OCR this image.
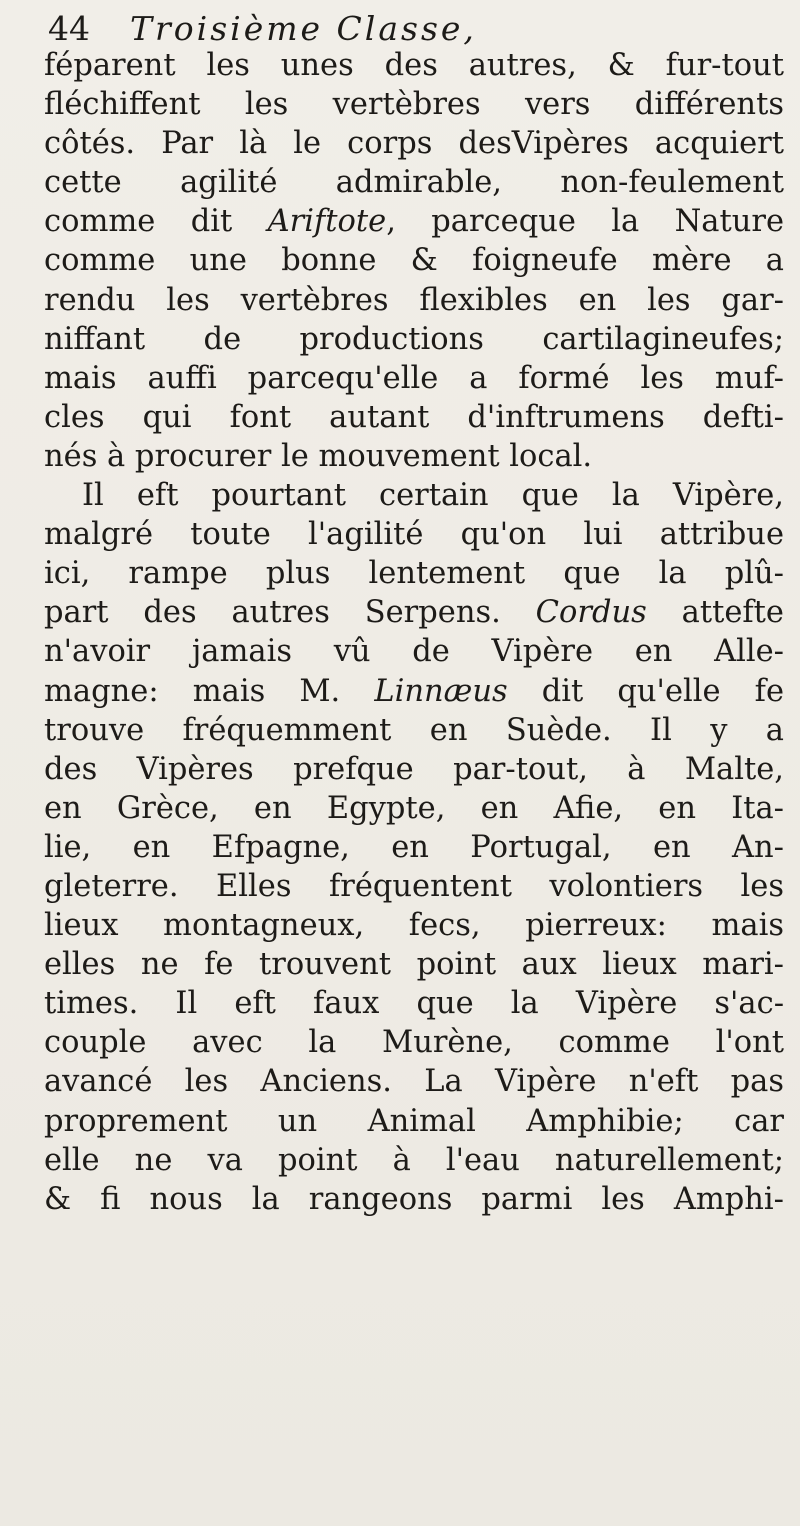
44 Troisième Classe,
féparent les unes des autres, & fur-tout
fléchiffent les vertèbres vers différents
côtés. Par là le corps desVipères acquiert
cette agilité admirable, non-feulement
comme dit Ariftote, parceque la Nature
comme une bonne & foigneufe mère a
rendu les vertèbres flexibles en les gar-
niffant de productions cartilagineufes;
mais auffi parcequ'elle a formé les muf-
cles qui font autant d'inftrumens defti-
nés à procurer le mouvement local.
Il eft pourtant certain que la Vipère,
malgré toute l'agilité qu'on lui attribue
ici, rampe plus lentement que la plû-
part des autres Serpens. Cordus attefte
n'avoir jamais vû de Vipère en Alle-
magne: mais M. Linnæus dit qu'elle fe
trouve fréquemment en Suède. Il y a
des Vipères prefque par-tout, à Malte,
en Grèce, en Egypte, en Afie, en Ita-
lie, en Efpagne, en Portugal, en An-
gleterre. Elles fréquentent volontiers les
lieux montagneux, fecs, pierreux: mais
elles ne fe trouvent point aux lieux mari-
times. Il eft faux que la Vipère s'ac-
couple avec la Murène, comme l'ont
avancé les Anciens. La Vipère n'eft pas
proprement un Animal Amphibie; car
elle ne va point à l'eau naturellement;
& fi nous la rangeons parmi les Amphi-
